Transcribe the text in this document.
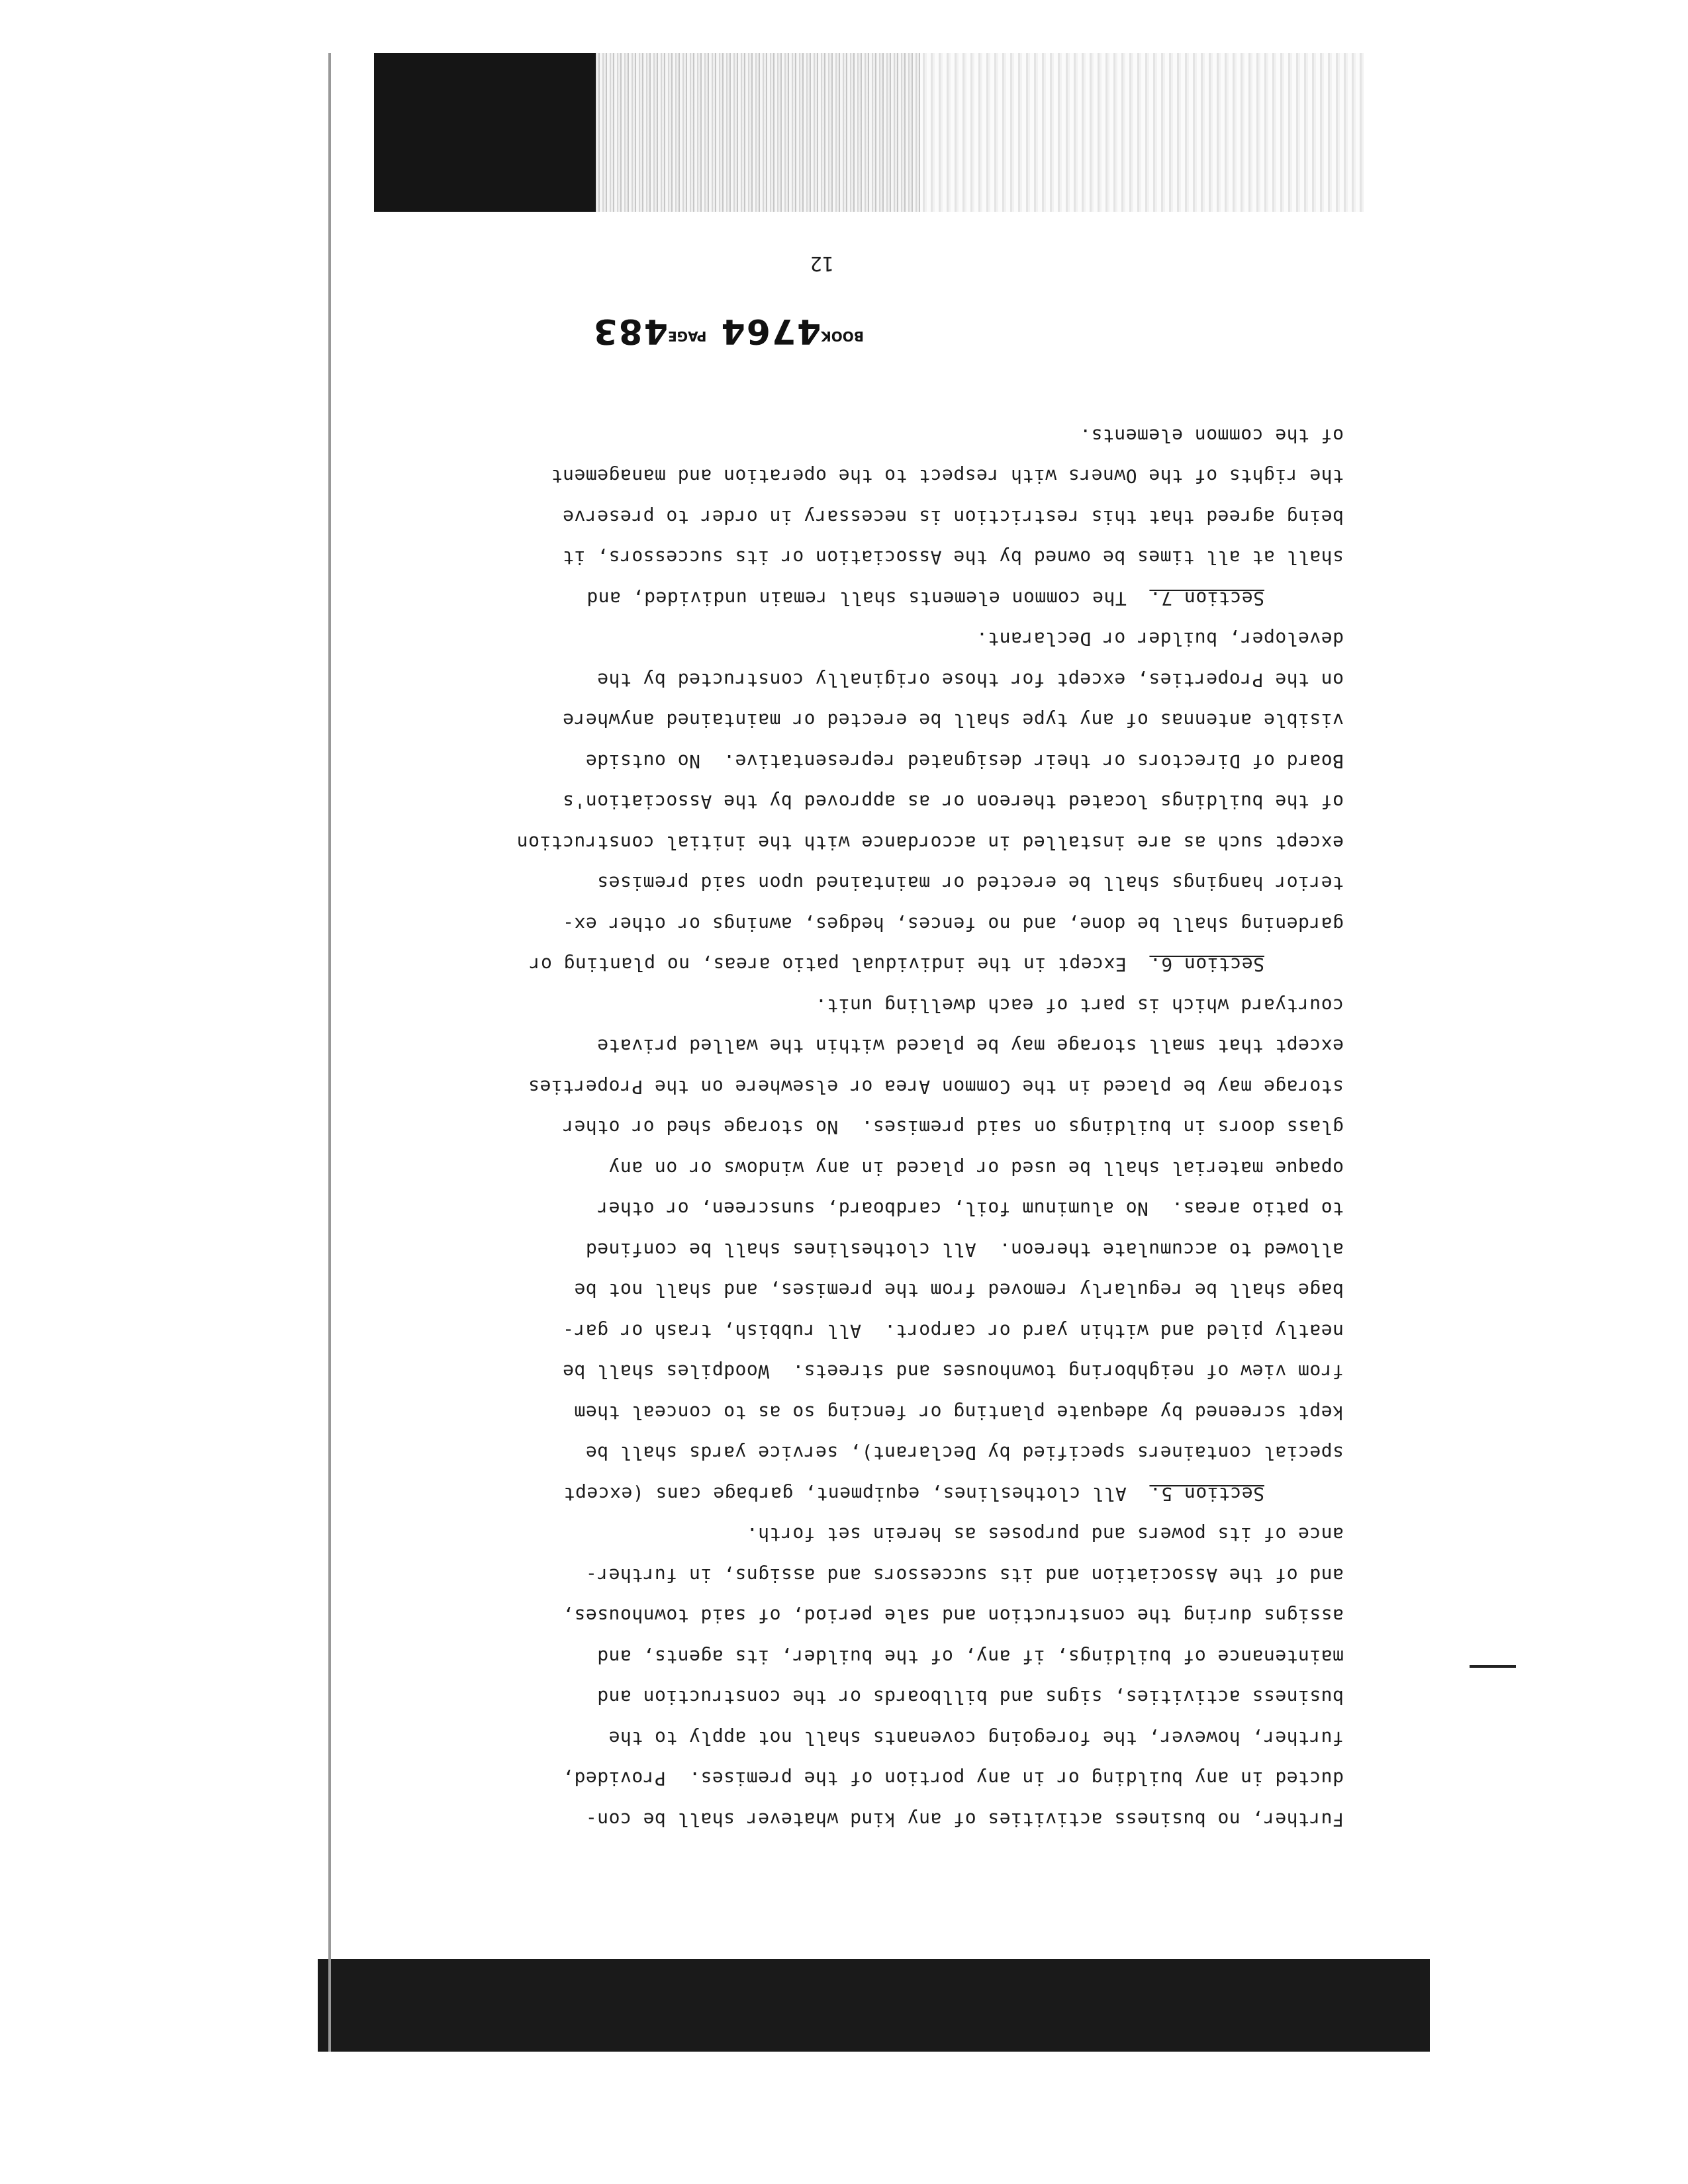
Further, no business activities of any kind whatever shall be con-

ducted in any building or in any portion of the premises.  Provided,

further, however, the foregoing covenants shall not apply to the

business activities, signs and billboards or the construction and

maintenance of buildings, if any, of the builder, its agents, and

assigns during the construction and sale period, of said townhouses,

and of the Association and its successors and assigns, in further-

ance of its powers and purposes as herein set forth.

Section 5.  All clotheslines, equipment, garbage cans (except

special containers specified by Declarant), service yards shall be

kept screened by adequate planting or fencing so as to conceal them

from view of neighboring townhouses and streets.  Woodpiles shall be

neatly piled and within yard or carport.  All rubbish, trash or gar-

bage shall be regularly removed from the premises, and shall not be

allowed to accumulate thereon.  All clotheslines shall be confined

to patio areas.  No aluminum foil, cardboard, sunscreen, or other

opaque material shall be used or placed in any windows or on any

glass doors in buildings on said premises.  No storage shed or other

storage may be placed in the Common Area or elsewhere on the Properties

except that small storage may be placed within the walled private

courtyard which is part of each dwelling unit.

Section 6.  Except in the individual patio areas, no planting or

gardening shall be done, and no fences, hedges, awnings or other ex-

terior hangings shall be erected or maintained upon said premises

except such as are installed in accordance with the initial construction

of the buildings located thereon or as approved by the Association's

Board of Directors or their designated representative.  No outside

visible antennas of any type shall be erected or maintained anywhere

on the Properties, except for those originally constructed by the

developer, builder or Declarant.

Section 7.  The common elements shall remain undivided, and

shall at all times be owned by the Association or its successors, it

being agreed that this restriction is necessary in order to preserve

the rights of the Owners with respect to the operation and management

of the common elements.

$^{BOOK}$4764 $^{PAGE}$483
12
